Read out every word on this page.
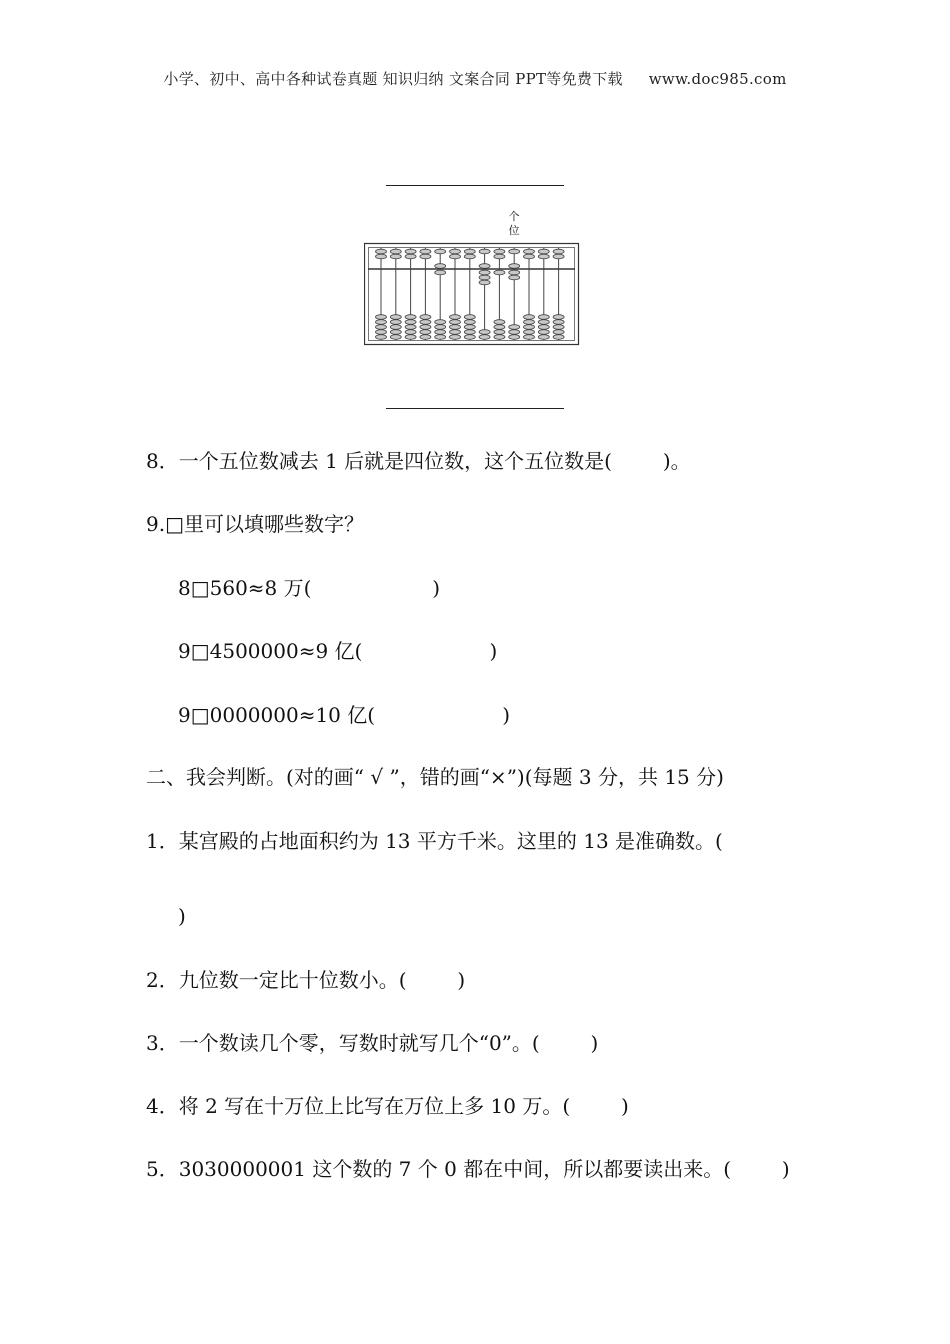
小学、初中、高中各种试卷真题 知识归纳 文案合同 PPT等免费下载 www.doc985.com
个
位
8．一个五位数减去 1 后就是四位数，这个五位数是(        )。
9.□里可以填哪些数字？
8□560≈8 万(                   )
9□4500000≈9 亿(                    )
9□0000000≈10 亿(                    )
二、我会判断。(对的画“ √ ”，错的画“×”)(每题 3 分，共 15 分)
1．某宫殿的占地面积约为 13 平方千米。这里的 13 是准确数。(
)
2．九位数一定比十位数小。(        )
3．一个数读几个零，写数时就写几个“0”。(        )
4．将 2 写在十万位上比写在万位上多 10 万。(        )
5．3030000001 这个数的 7 个 0 都在中间，所以都要读出来。(        )
